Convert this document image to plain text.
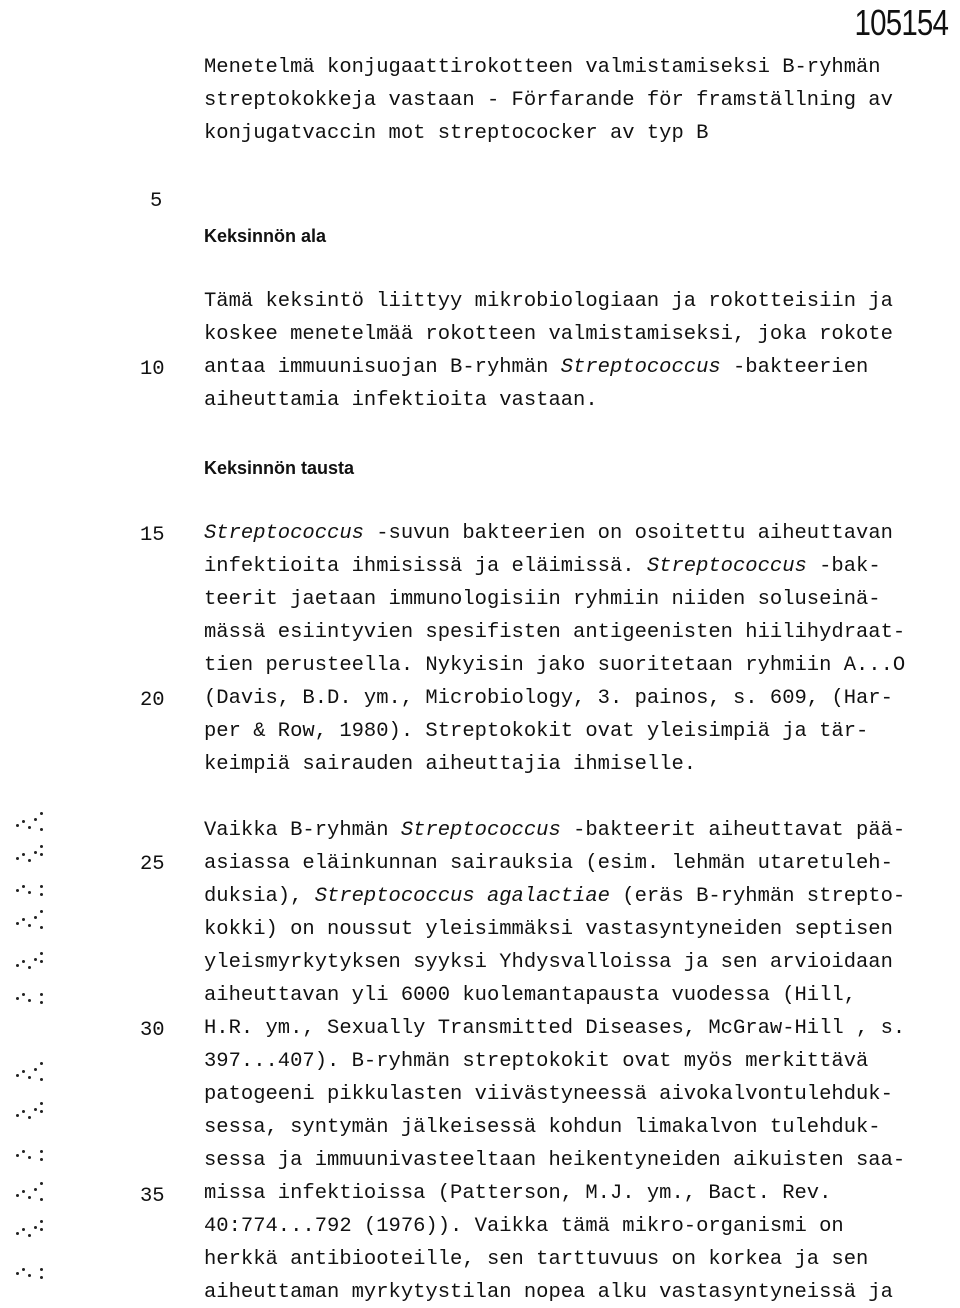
105154
Menetelmä konjugaattirokotteen valmistamiseksi B-ryhmän
streptokokkeja vastaan - Förfarande för framställning av
konjugatvaccin mot streptococker av typ B
5
10
15
20
25
30
35
Keksinnön ala
Tämä keksintö liittyy mikrobiologiaan ja rokotteisiin ja
koskee menetelmää rokotteen valmistamiseksi, joka rokote
antaa immuunisuojan B-ryhmän Streptococcus -bakteerien
aiheuttamia infektioita vastaan.
Keksinnön tausta
Streptococcus -suvun bakteerien on osoitettu aiheuttavan
infektioita ihmisissä ja eläimissä. Streptococcus -bak-
teerit jaetaan immunologisiin ryhmiin niiden soluseinä-
mässä esiintyvien spesifisten antigeenisten hiilihydraat-
tien perusteella. Nykyisin jako suoritetaan ryhmiin A...O
(Davis, B.D. ym., Microbiology, 3. painos, s. 609, (Har-
per & Row, 1980). Streptokokit ovat yleisimpiä ja tär-
keimpiä sairauden aiheuttajia ihmiselle.
Vaikka B-ryhmän Streptococcus -bakteerit aiheuttavat pää-
asiassa eläinkunnan sairauksia (esim. lehmän utaretuleh-
duksia), Streptococcus agalactiae (eräs B-ryhmän strepto-
kokki) on noussut yleisimmäksi vastasyntyneiden septisen
yleismyrkytyksen syyksi Yhdysvalloissa ja sen arvioidaan
aiheuttavan yli 6000 kuolemantapausta vuodessa (Hill,
H.R. ym., Sexually Transmitted Diseases, McGraw-Hill , s.
397...407). B-ryhmän streptokokit ovat myös merkittävä
patogeeni pikkulasten viivästyneessä aivokalvontulehduk-
sessa, syntymän jälkeisessä kohdun limakalvon tulehduk-
sessa ja immuunivasteeltaan heikentyneiden aikuisten saa-
missa infektioissa (Patterson, M.J. ym., Bact. Rev.
40:774...792 (1976)). Vaikka tämä mikro-organismi on
herkkä antibiooteille, sen tarttuvuus on korkea ja sen
aiheuttaman myrkytystilan nopea alku vastasyntyneissä ja
